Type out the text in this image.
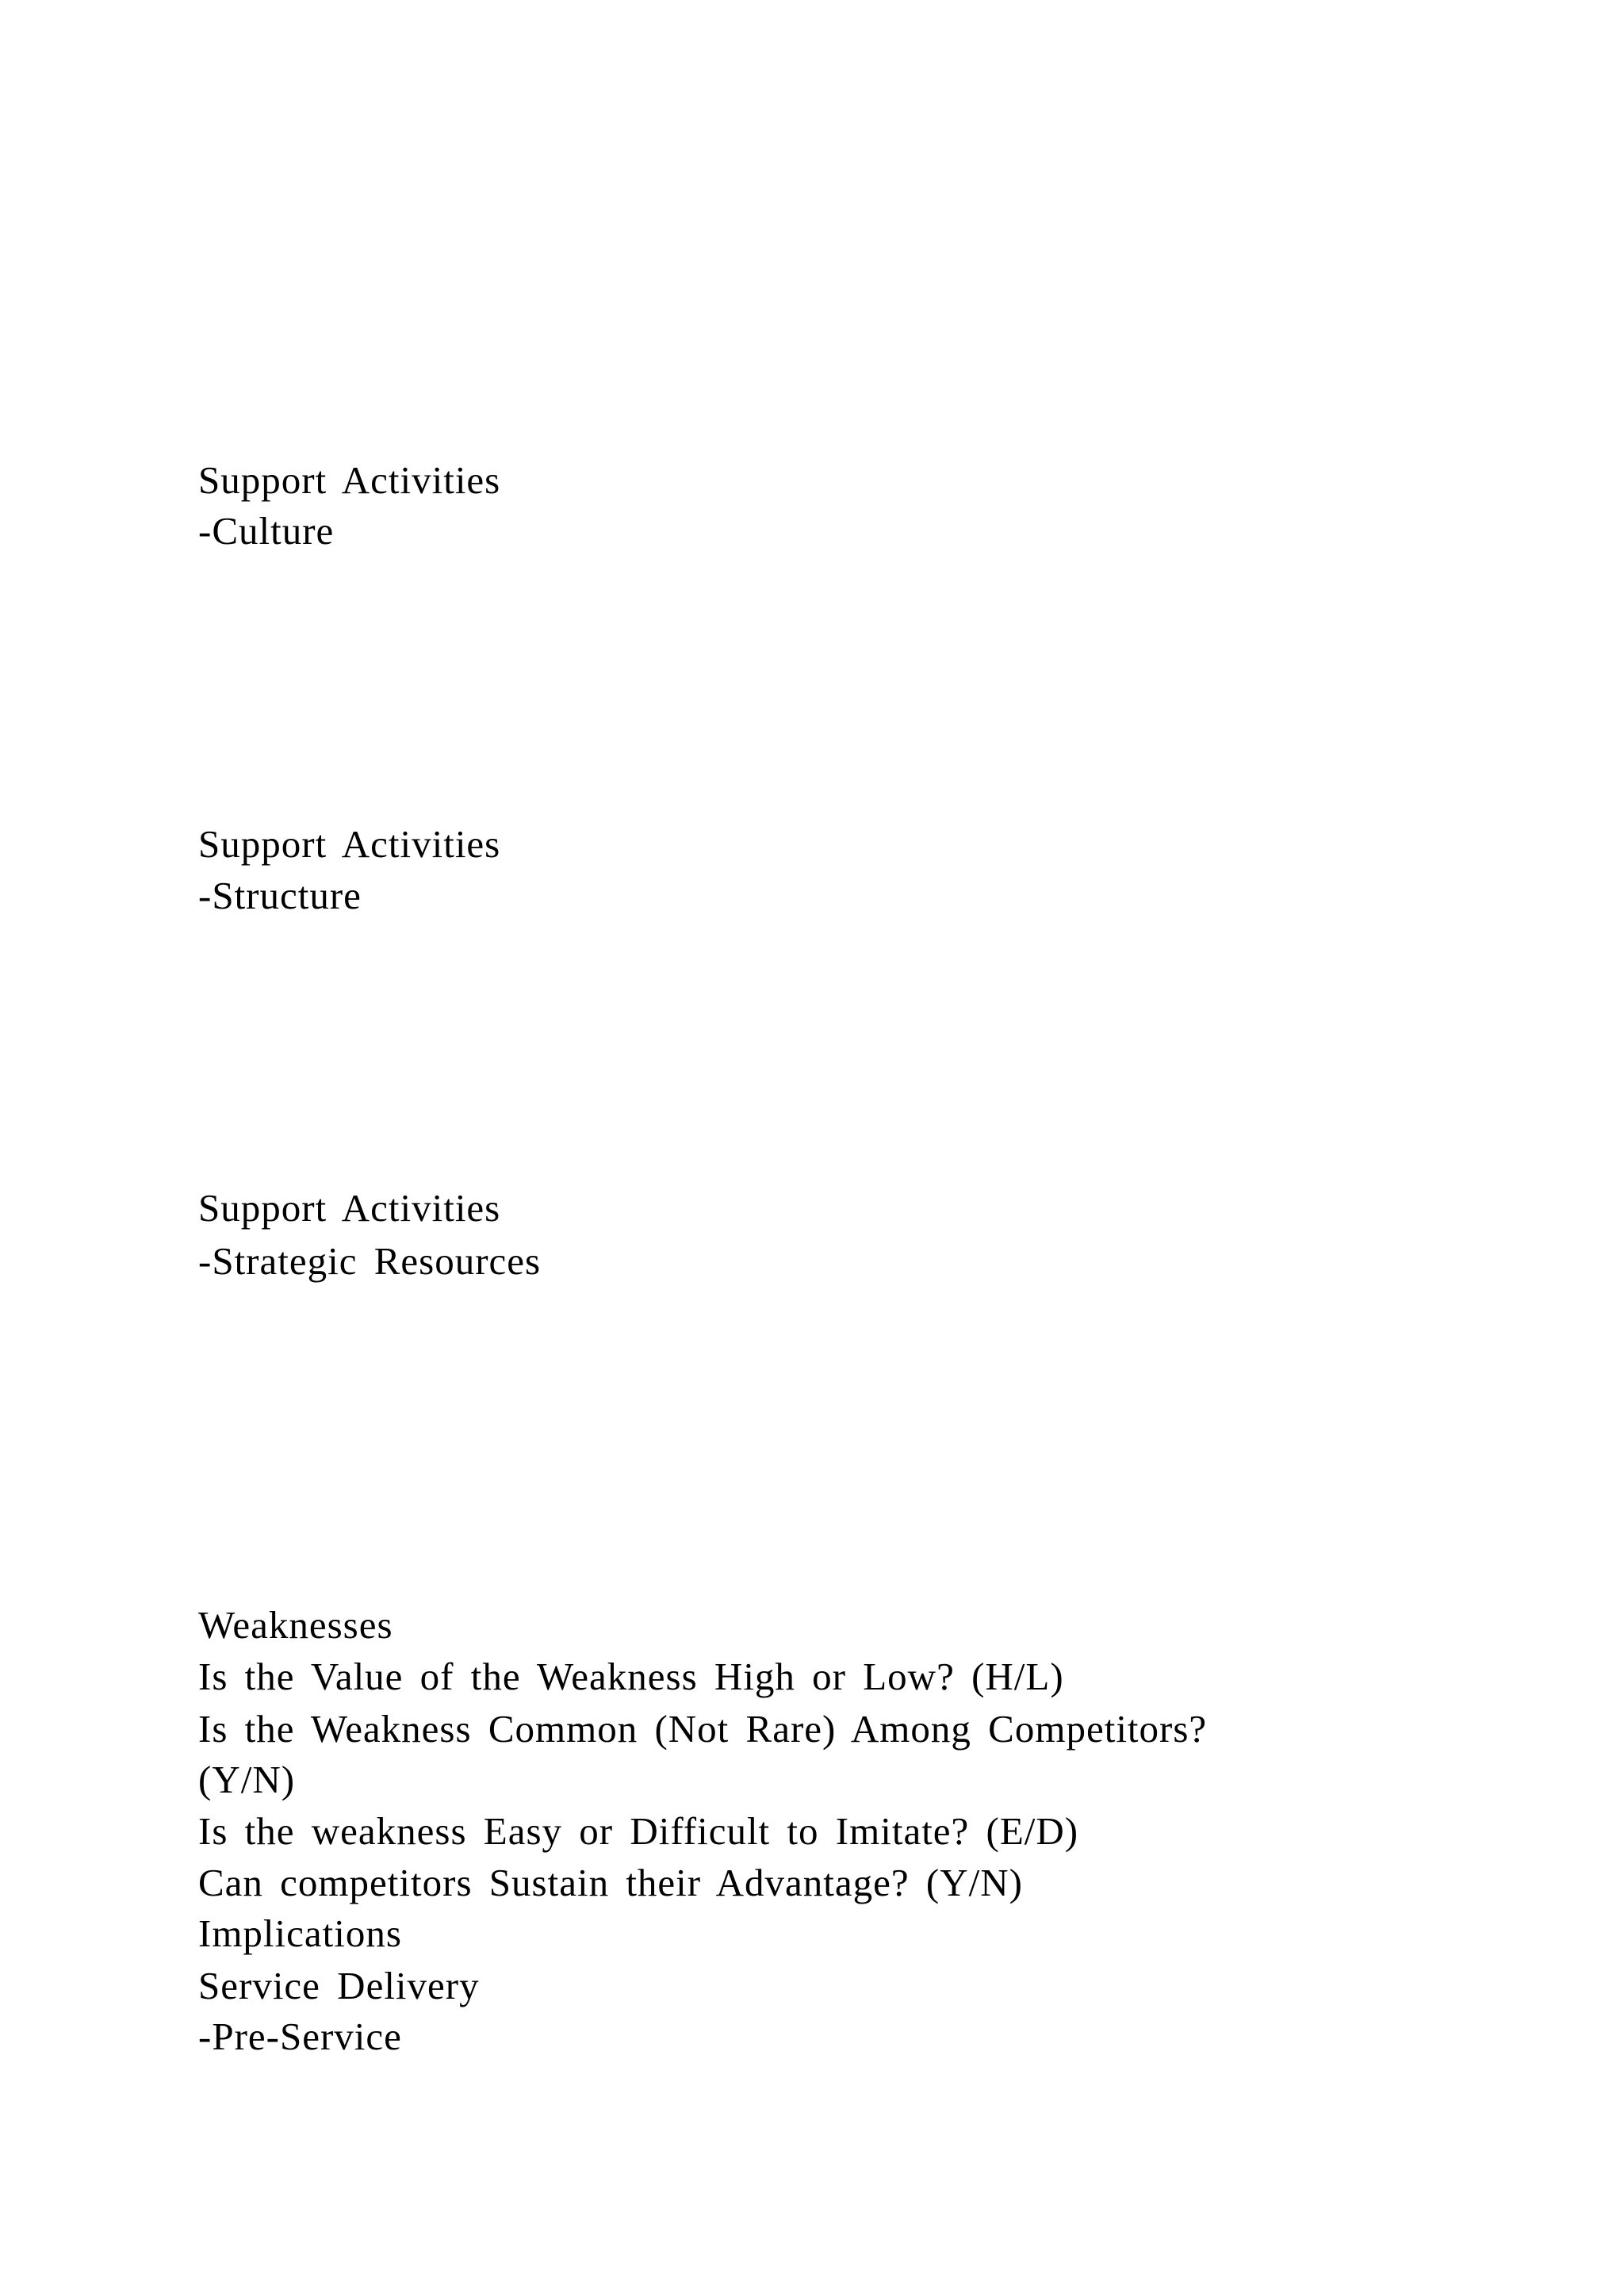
Support Activities
-Culture
Support Activities
-Structure
Support Activities
-Strategic Resources
Weaknesses
Is the Value of the Weakness High or Low? (H/L)
Is the Weakness Common (Not Rare) Among Competitors?
(Y/N)
Is the weakness Easy or Difficult to Imitate? (E/D)
Can competitors Sustain their Advantage? (Y/N)
Implications
Service Delivery
-Pre-Service
